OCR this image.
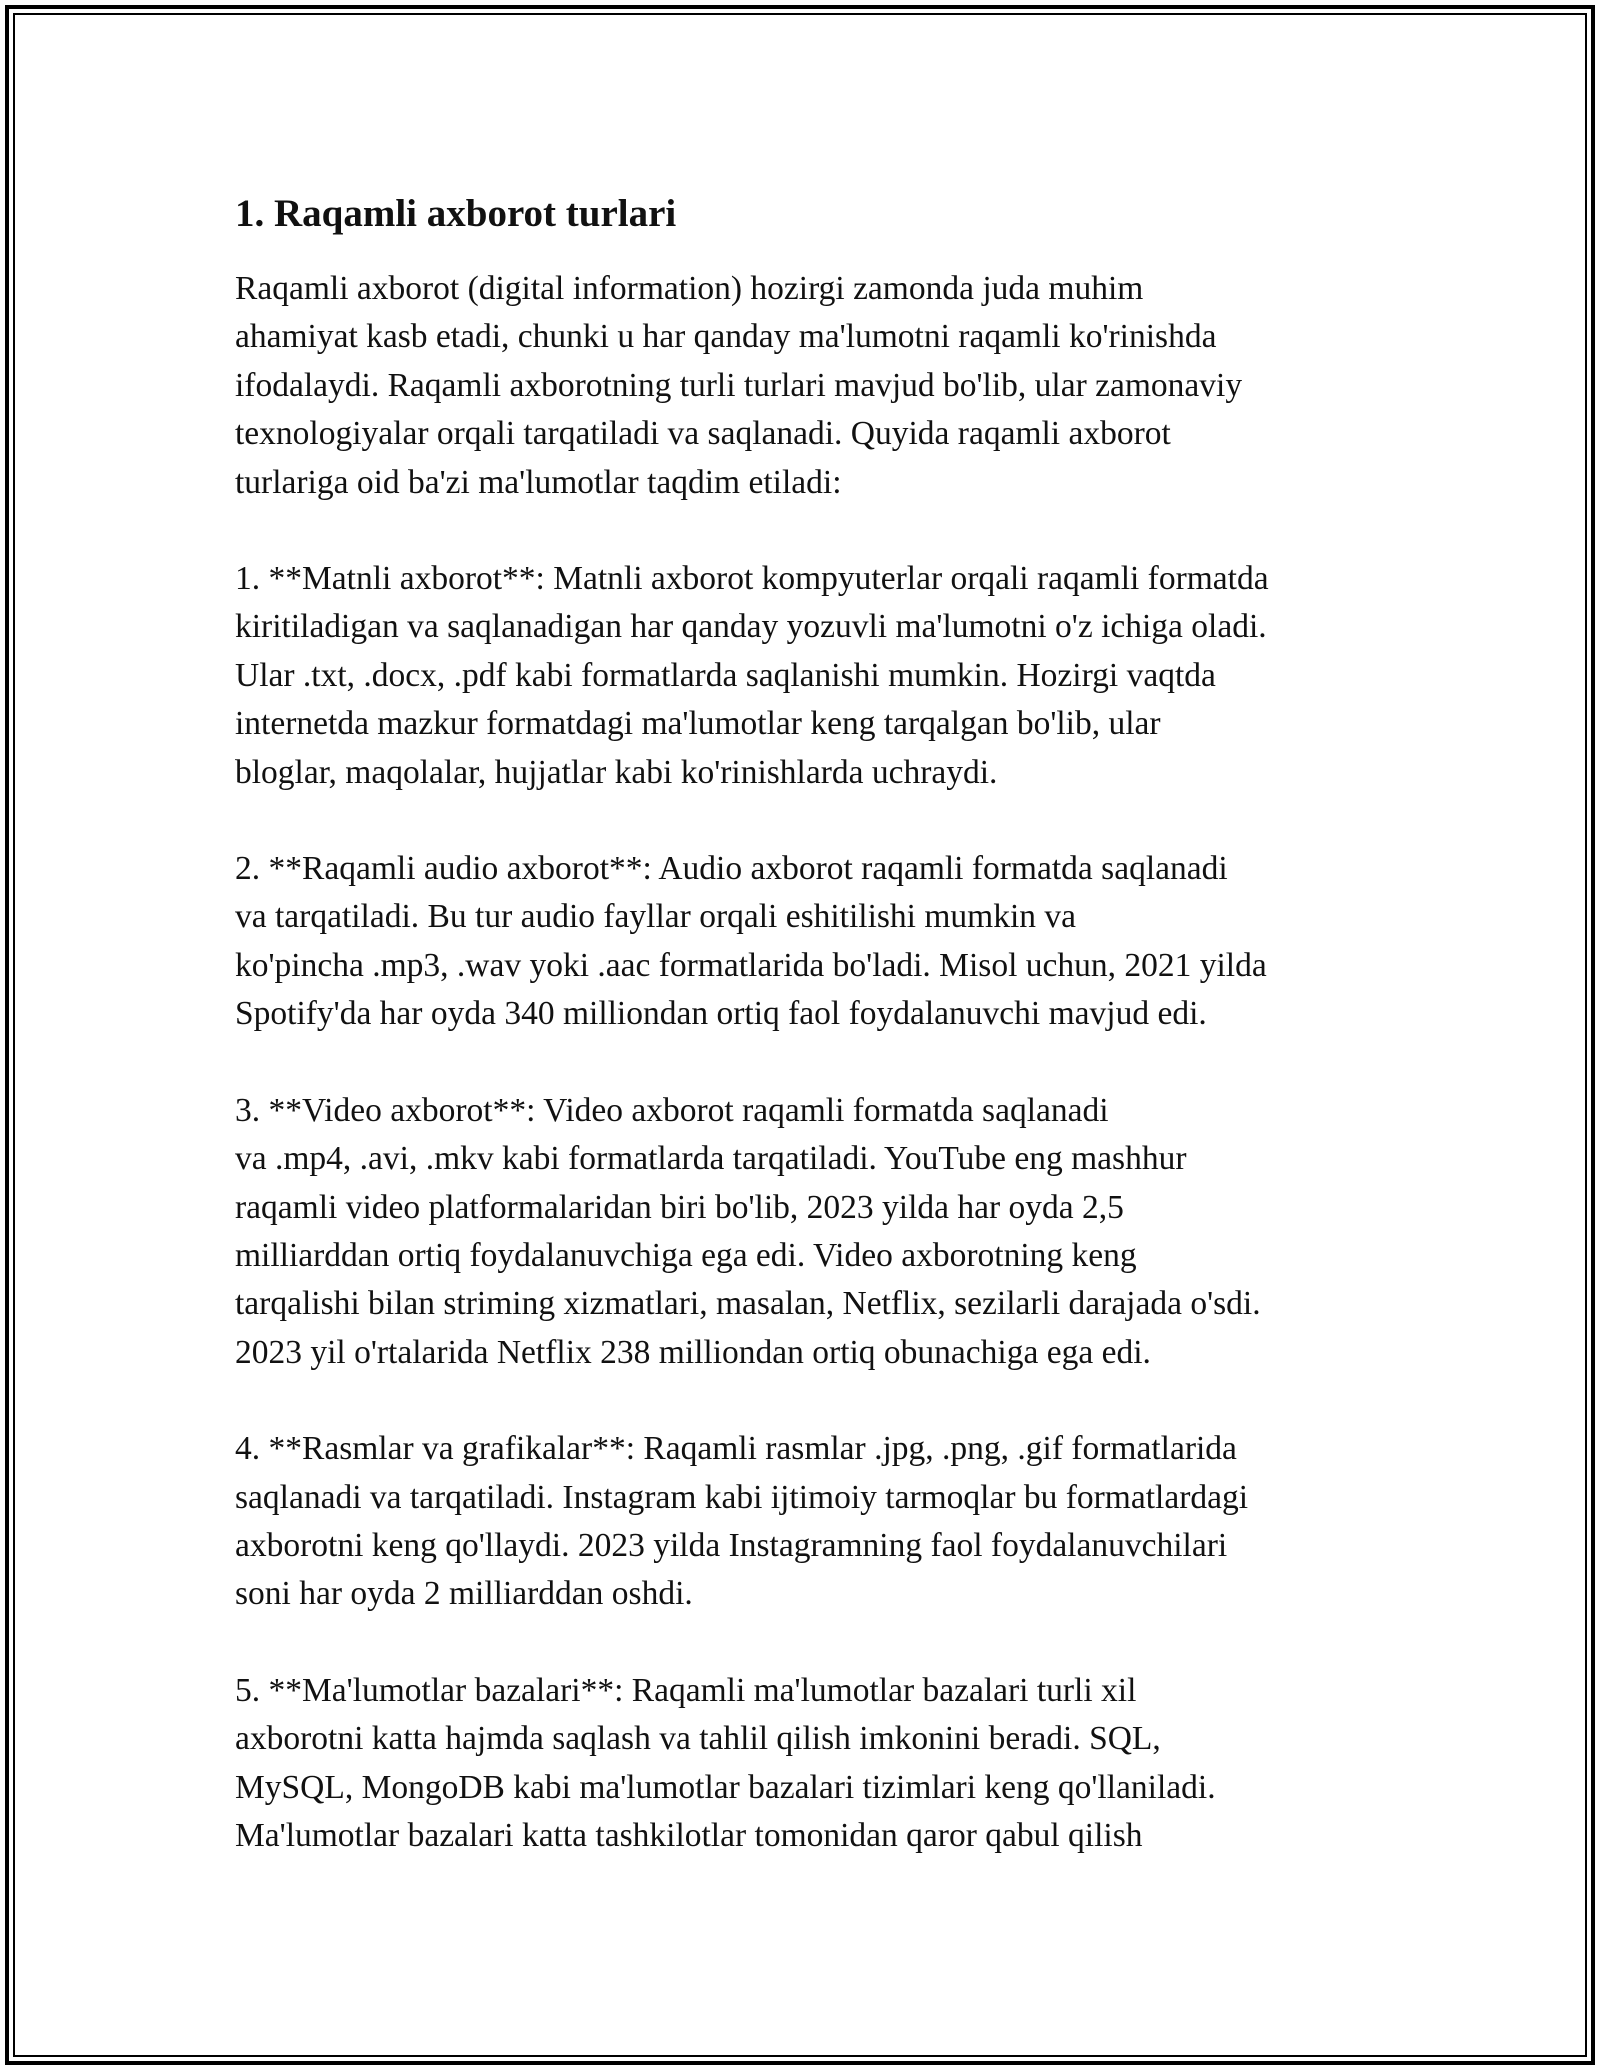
1. Raqamli axborot turlari
Raqamli axborot (digital information) hozirgi zamonda juda muhim
ahamiyat kasb etadi, chunki u har qanday ma'lumotni raqamli ko'rinishda
ifodalaydi. Raqamli axborotning turli turlari mavjud bo'lib, ular zamonaviy
texnologiyalar orqali tarqatiladi va saqlanadi. Quyida raqamli axborot
turlariga oid ba'zi ma'lumotlar taqdim etiladi:
1. **Matnli axborot**: Matnli axborot kompyuterlar orqali raqamli formatda
kiritiladigan va saqlanadigan har qanday yozuvli ma'lumotni o'z ichiga oladi.
Ular .txt, .docx, .pdf kabi formatlarda saqlanishi mumkin. Hozirgi vaqtda
internetda mazkur formatdagi ma'lumotlar keng tarqalgan bo'lib, ular
bloglar, maqolalar, hujjatlar kabi ko'rinishlarda uchraydi.
2. **Raqamli audio axborot**: Audio axborot raqamli formatda saqlanadi
va tarqatiladi. Bu tur audio fayllar orqali eshitilishi mumkin va
ko'pincha .mp3, .wav yoki .aac formatlarida bo'ladi. Misol uchun, 2021 yilda
Spotify'da har oyda 340 milliondan ortiq faol foydalanuvchi mavjud edi.
3. **Video axborot**: Video axborot raqamli formatda saqlanadi
va .mp4, .avi, .mkv kabi formatlarda tarqatiladi. YouTube eng mashhur
raqamli video platformalaridan biri bo'lib, 2023 yilda har oyda 2,5
milliarddan ortiq foydalanuvchiga ega edi. Video axborotning keng
tarqalishi bilan striming xizmatlari, masalan, Netflix, sezilarli darajada o'sdi.
2023 yil o'rtalarida Netflix 238 milliondan ortiq obunachiga ega edi.
4. **Rasmlar va grafikalar**: Raqamli rasmlar .jpg, .png, .gif formatlarida
saqlanadi va tarqatiladi. Instagram kabi ijtimoiy tarmoqlar bu formatlardagi
axborotni keng qo'llaydi. 2023 yilda Instagramning faol foydalanuvchilari
soni har oyda 2 milliarddan oshdi.
5. **Ma'lumotlar bazalari**: Raqamli ma'lumotlar bazalari turli xil
axborotni katta hajmda saqlash va tahlil qilish imkonini beradi. SQL,
MySQL, MongoDB kabi ma'lumotlar bazalari tizimlari keng qo'llaniladi.
Ma'lumotlar bazalari katta tashkilotlar tomonidan qaror qabul qilish
